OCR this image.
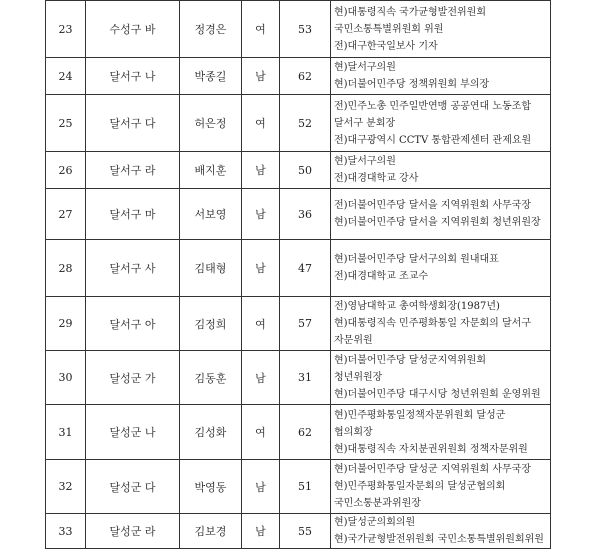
23	수성구 바	정경은	여	53	현)대통령직속 국가균형발전위원회
국민소통특별위원회 위원
전)대구한국일보사 기자

24	달서구 나	박종길	남	62	현)달서구의원
현)더불어민주당 정책위원회 부의장

25	달서구 다	허은정	여	52	전)민주노총 민주일반연맹 공공연대 노동조합
달서구 분회장
전)대구광역시 CCTV 통합관제센터 관제요원

26	달서구 라	배지훈	남	50	현)달서구의원
전)대경대학교 강사

27	달서구 마	서보영	남	36	전)더불어민주당 달서을 지역위원회 사무국장
현)더불어민주당 달서을 지역위원회 청년위원장

28	달서구 사	김태형	남	47	현)더불어민주당 달서구의회 원내대표
전)대경대학교 조교수

29	달서구 아	김정희	여	57	전)영남대학교 총여학생회장(1987년)
현)대통령직속 민주평화통일 자문회의 달서구
자문위원

30	달성군 가	김동훈	남	31	현)더불어민주당 달성군지역위원회
청년위원장
현)더불어민주당 대구시당 청년위원회 운영위원

31	달성군 나	김성화	여	62	현)민주평화통일정책자문위원회 달성군
협의회장
현)대통령직속 자치분권위원회 정책자문위원

32	달성군 다	박영동	남	51	현)더불어민주당 달성군 지역위원회 사무국장
현)민주평화통일자문회의 달성군협의회
국민소통분과위원장

33	달성군 라	김보경	남	55	현)달성군의회의원
현)국가균형발전위원회 국민소통특별위원회위원
